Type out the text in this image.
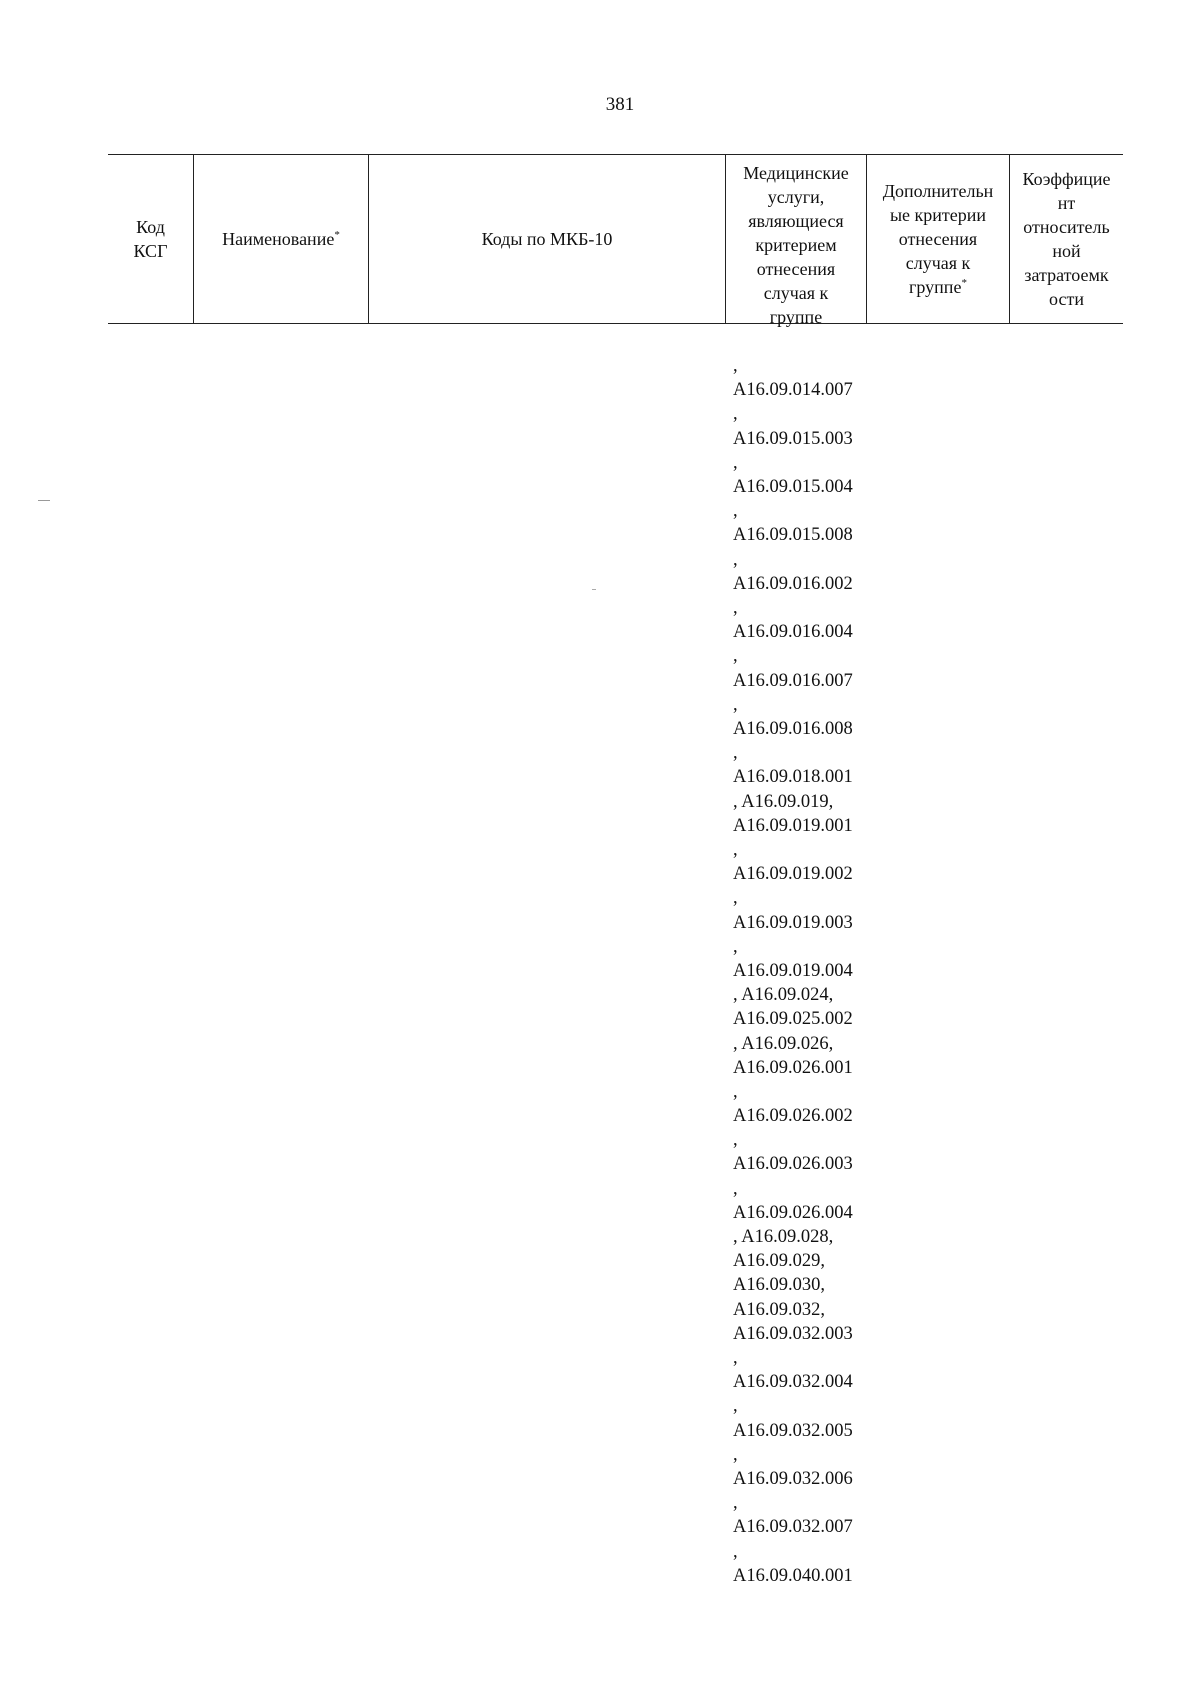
381
Код
КСГ
Наименование*	Коды по МКБ-10
Медицинские
услуги,
являющиеся
критерием
отнесения
случая к
группе
Дополнительн
ые критерии
отнесения
случая к
группе*
Коэффицие
нт
относитель
ной
затратоемк
ости
,
A16.09.014.007
,
A16.09.015.003
,
A16.09.015.004
,
A16.09.015.008
,
A16.09.016.002
,
A16.09.016.004
,
A16.09.016.007
,
A16.09.016.008
,
A16.09.018.001
, A16.09.019,
A16.09.019.001
,
A16.09.019.002
,
A16.09.019.003
,
A16.09.019.004
, A16.09.024,
A16.09.025.002
, A16.09.026,
A16.09.026.001
,
A16.09.026.002
,
A16.09.026.003
,
A16.09.026.004
, A16.09.028,
A16.09.029,
A16.09.030,
A16.09.032,
A16.09.032.003
,
A16.09.032.004
,
A16.09.032.005
,
A16.09.032.006
,
A16.09.032.007
,
A16.09.040.001
